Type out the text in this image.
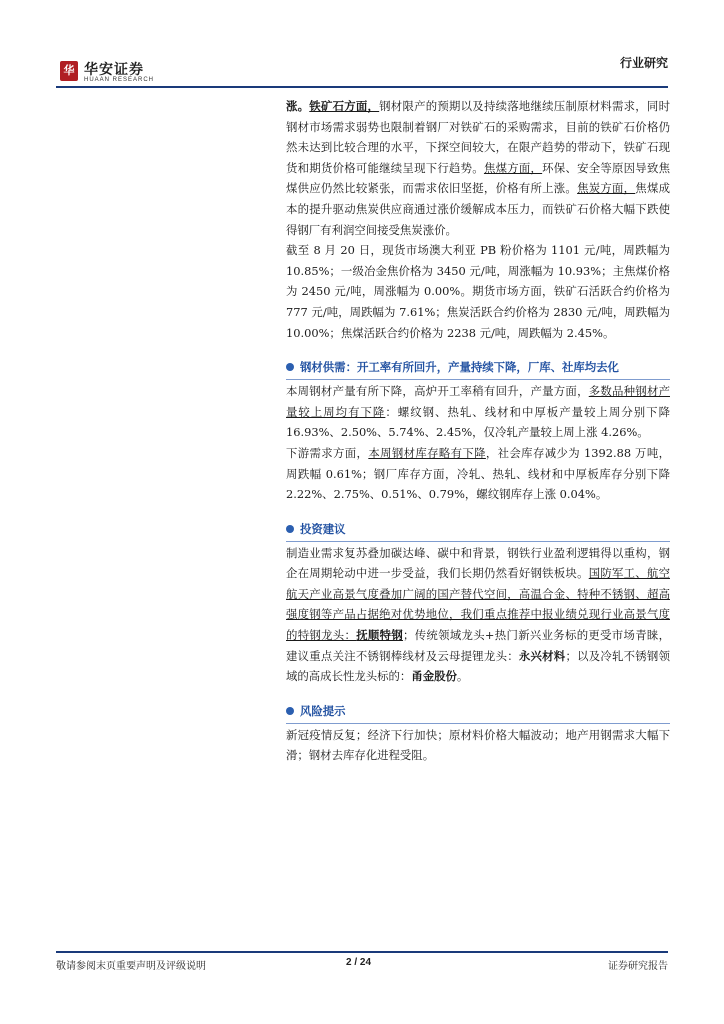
华 华安证券
HUAAN RESEARCH
行业研究

涨。铁矿石方面，钢材限产的预期以及持续落地继续压制原材料需求，同时钢材市场需求弱势也限制着钢厂对铁矿石的采购需求，目前的铁矿石价格仍然未达到比较合理的水平，下探空间较大，在限产趋势的带动下，铁矿石现货和期货价格可能继续呈现下行趋势。焦煤方面，环保、安全等原因导致焦煤供应仍然比较紧张，而需求依旧坚挺，价格有所上涨。焦炭方面，焦煤成本的提升驱动焦炭供应商通过涨价缓解成本压力，而铁矿石价格大幅下跌使得钢厂有利润空间接受焦炭涨价。

截至 8 月 20 日，现货市场澳大利亚 PB 粉价格为 1101 元/吨，周跌幅为 10.85%；一级冶金焦价格为 3450 元/吨，周涨幅为 10.93%；主焦煤价格为 2450 元/吨，周涨幅为 0.00%。期货市场方面，铁矿石活跃合约价格为 777 元/吨，周跌幅为 7.61%；焦炭活跃合约价格为 2830 元/吨，周跌幅为 10.00%；焦煤活跃合约价格为 2238 元/吨，周跌幅为 2.45%。

钢材供需：开工率有所回升，产量持续下降，厂库、社库均去化

本周钢材产量有所下降，高炉开工率稍有回升，产量方面，多数品种钢材产量较上周均有下降：螺纹钢、热轧、线材和中厚板产量较上周分别下降 16.93%、2.50%、5.74%、2.45%，仅冷轧产量较上周上涨 4.26%。

下游需求方面，本周钢材库存略有下降，社会库存减少为 1392.88 万吨，周跌幅 0.61%；钢厂库存方面，冷轧、热轧、线材和中厚板库存分别下降 2.22%、2.75%、0.51%、0.79%，螺纹钢库存上涨 0.04%。

投资建议

制造业需求复苏叠加碳达峰、碳中和背景，钢铁行业盈利逻辑得以重构，钢企在周期轮动中进一步受益，我们长期仍然看好钢铁板块。国防军工、航空航天产业高景气度叠加广阔的国产替代空间，高温合金、特种不锈钢、超高强度钢等产品占据绝对优势地位，我们重点推荐中报业绩兑现行业高景气度的特钢龙头：抚顺特钢；传统领域龙头+热门新兴业务标的更受市场青睐，建议重点关注不锈钢棒线材及云母提锂龙头：永兴材料；以及冷轧不锈钢领域的高成长性龙头标的：甬金股份。

风险提示

新冠疫情反复；经济下行加快；原材料价格大幅波动；地产用钢需求大幅下滑；钢材去库存化进程受阻。

敬请参阅末页重要声明及评级说明	2 / 24	证券研究报告
